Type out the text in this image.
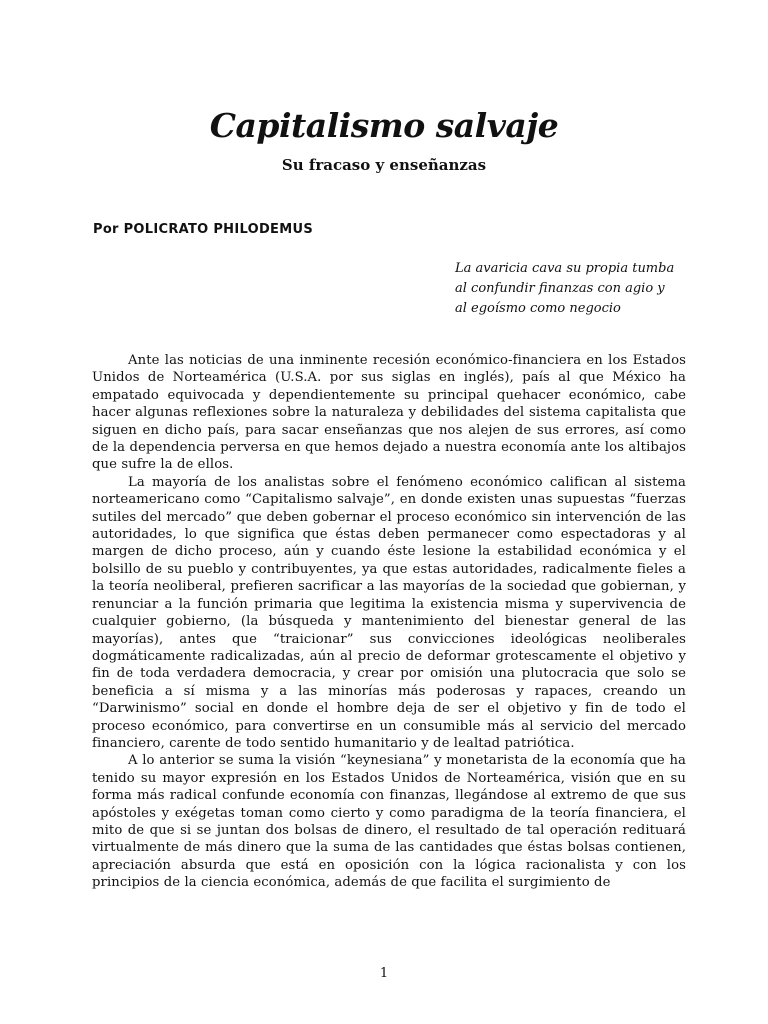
Capitalismo salvaje
Su fracaso y enseñanzas
Por POLICRATO PHILODEMUS
La avaricia cava su propia tumba
al confundir finanzas con agio y
al egoísmo como negocio

Ante las noticias de una inminente recesión económico-financiera en los Estados Unidos de Norteamérica (U.S.A. por sus siglas en inglés), país al que México ha empatado equivocada y dependientemente su principal quehacer económico, cabe hacer algunas reflexiones sobre la naturaleza y debilidades del sistema capitalista que siguen en dicho país, para sacar enseñanzas que nos alejen de sus errores, así como de la dependencia perversa en que hemos dejado a nuestra economía ante los altibajos que sufre la de ellos.

La mayoría de los analistas sobre el fenómeno económico califican al sistema norteamericano como “Capitalismo salvaje”, en donde existen unas supuestas “fuerzas sutiles del mercado” que deben gobernar el proceso económico sin intervención de las autoridades, lo que significa que éstas deben permanecer como espectadoras y al margen de dicho proceso, aún y cuando éste lesione la estabilidad económica y el bolsillo de su pueblo y contribuyentes, ya que estas autoridades, radicalmente fieles a la teoría neoliberal, prefieren sacrificar a las mayorías de la sociedad que gobiernan, y renunciar a la función primaria que legitima la existencia misma y supervivencia de cualquier gobierno, (la búsqueda y mantenimiento del bienestar general de las mayorías), antes que “traicionar” sus convicciones ideológicas neoliberales dogmáticamente radicalizadas, aún al precio de deformar grotescamente el objetivo y fin de toda verdadera democracia, y crear por omisión una plutocracia que solo se beneficia a sí misma y a las minorías más poderosas y rapaces, creando un “Darwinismo” social en donde el hombre deja de ser el objetivo y fin de todo el proceso económico, para convertirse en un consumible más al servicio del mercado financiero, carente de todo sentido humanitario y de lealtad patriótica.

A lo anterior se suma la visión “keynesiana” y monetarista de la economía que ha tenido su mayor expresión en los Estados Unidos de Norteamérica, visión que en su forma más radical confunde economía con finanzas, llegándose al extremo de que sus apóstoles y exégetas toman como cierto y como paradigma de la teoría financiera, el mito de que si se juntan dos bolsas de dinero, el resultado de tal operación redituará virtualmente de más dinero que la suma de las cantidades que éstas bolsas contienen, apreciación absurda que está en oposición con la lógica racionalista y con los principios de la ciencia económica, además de que facilita el surgimiento de

1
